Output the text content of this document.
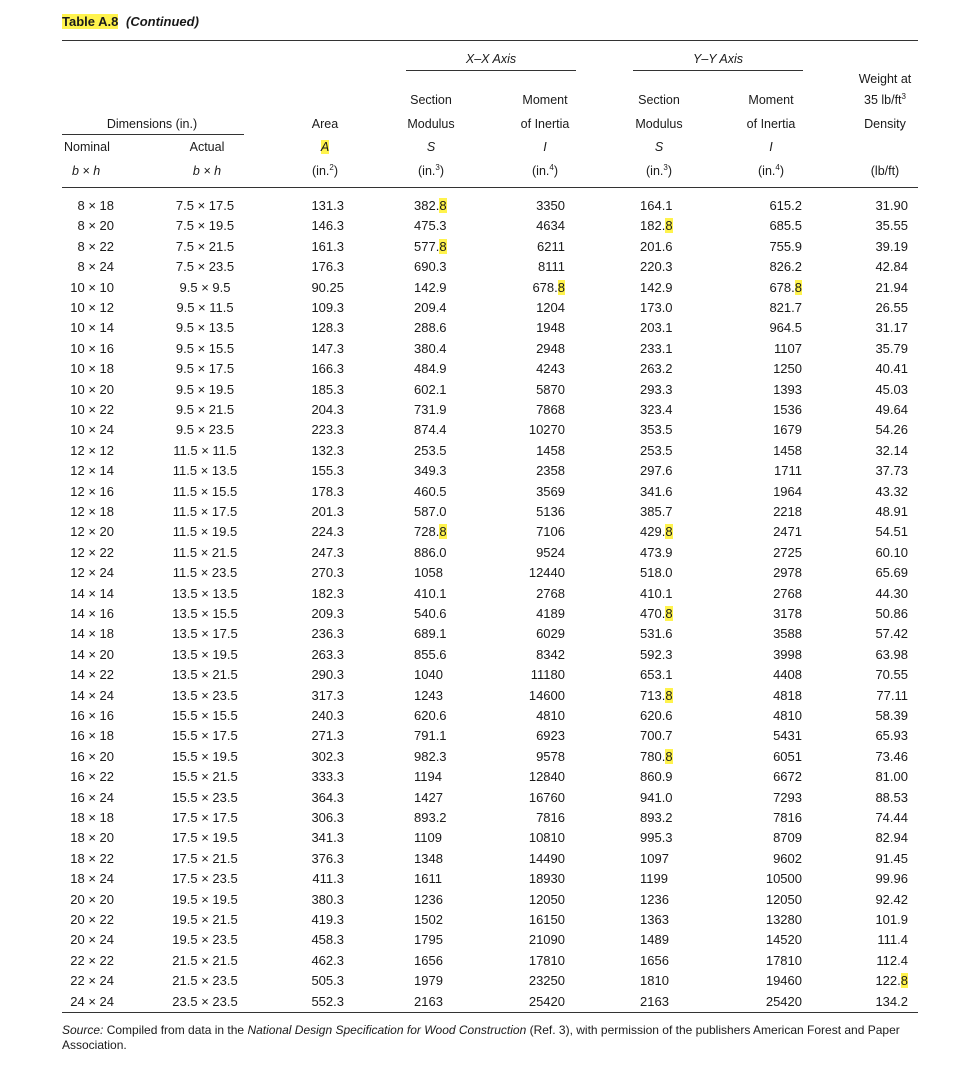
Table A.8 (Continued)
X–X Axis	Y–Y Axis
Weight at
35 $lb/ft^3$
Density
Section	Moment	Section	Moment
Dimensions (in.)	Area	Modulus	of Inertia	Modulus	of Inertia
Nominal	Actual	A	S	I	S	I
b × h	b × h	(in.$^2$)	(in.$^3$)	(in.$^4$)	(in.$^3$)	(in.$^4$)	(lb/ft)
8 × 18	7.5 × 17.5	131.3	382.8	3350	164.1	615.2	31.90
8 × 20	7.5 × 19.5	146.3	475.3	4634	182.8	685.5	35.55
8 × 22	7.5 × 21.5	161.3	577.8	6211	201.6	755.9	39.19
8 × 24	7.5 × 23.5	176.3	690.3	8111	220.3	826.2	42.84
10 × 10	9.5 × 9.5	90.25	142.9	678.8	142.9	678.8	21.94
10 × 12	9.5 × 11.5	109.3	209.4	1204	173.0	821.7	26.55
10 × 14	9.5 × 13.5	128.3	288.6	1948	203.1	964.5	31.17
10 × 16	9.5 × 15.5	147.3	380.4	2948	233.1	1107	35.79
10 × 18	9.5 × 17.5	166.3	484.9	4243	263.2	1250	40.41
10 × 20	9.5 × 19.5	185.3	602.1	5870	293.3	1393	45.03
10 × 22	9.5 × 21.5	204.3	731.9	7868	323.4	1536	49.64
10 × 24	9.5 × 23.5	223.3	874.4	10270	353.5	1679	54.26
12 × 12	11.5 × 11.5	132.3	253.5	1458	253.5	1458	32.14
12 × 14	11.5 × 13.5	155.3	349.3	2358	297.6	1711	37.73
12 × 16	11.5 × 15.5	178.3	460.5	3569	341.6	1964	43.32
12 × 18	11.5 × 17.5	201.3	587.0	5136	385.7	2218	48.91
12 × 20	11.5 × 19.5	224.3	728.8	7106	429.8	2471	54.51
12 × 22	11.5 × 21.5	247.3	886.0	9524	473.9	2725	60.10
12 × 24	11.5 × 23.5	270.3	1058	12440	518.0	2978	65.69
14 × 14	13.5 × 13.5	182.3	410.1	2768	410.1	2768	44.30
14 × 16	13.5 × 15.5	209.3	540.6	4189	470.8	3178	50.86
14 × 18	13.5 × 17.5	236.3	689.1	6029	531.6	3588	57.42
14 × 20	13.5 × 19.5	263.3	855.6	8342	592.3	3998	63.98
14 × 22	13.5 × 21.5	290.3	1040	11180	653.1	4408	70.55
14 × 24	13.5 × 23.5	317.3	1243	14600	713.8	4818	77.11
16 × 16	15.5 × 15.5	240.3	620.6	4810	620.6	4810	58.39
16 × 18	15.5 × 17.5	271.3	791.1	6923	700.7	5431	65.93
16 × 20	15.5 × 19.5	302.3	982.3	9578	780.8	6051	73.46
16 × 22	15.5 × 21.5	333.3	1194	12840	860.9	6672	81.00
16 × 24	15.5 × 23.5	364.3	1427	16760	941.0	7293	88.53
18 × 18	17.5 × 17.5	306.3	893.2	7816	893.2	7816	74.44
18 × 20	17.5 × 19.5	341.3	1109	10810	995.3	8709	82.94
18 × 22	17.5 × 21.5	376.3	1348	14490	1097	9602	91.45
18 × 24	17.5 × 23.5	411.3	1611	18930	1199	10500	99.96
20 × 20	19.5 × 19.5	380.3	1236	12050	1236	12050	92.42
20 × 22	19.5 × 21.5	419.3	1502	16150	1363	13280	101.9
20 × 24	19.5 × 23.5	458.3	1795	21090	1489	14520	111.4
22 × 22	21.5 × 21.5	462.3	1656	17810	1656	17810	112.4
22 × 24	21.5 × 23.5	505.3	1979	23250	1810	19460	122.8
24 × 24	23.5 × 23.5	552.3	2163	25420	2163	25420	134.2
Source: Compiled from data in the National Design Specification for Wood Construction (Ref. 3), with permission of the publishers American Forest and Paper Association.
